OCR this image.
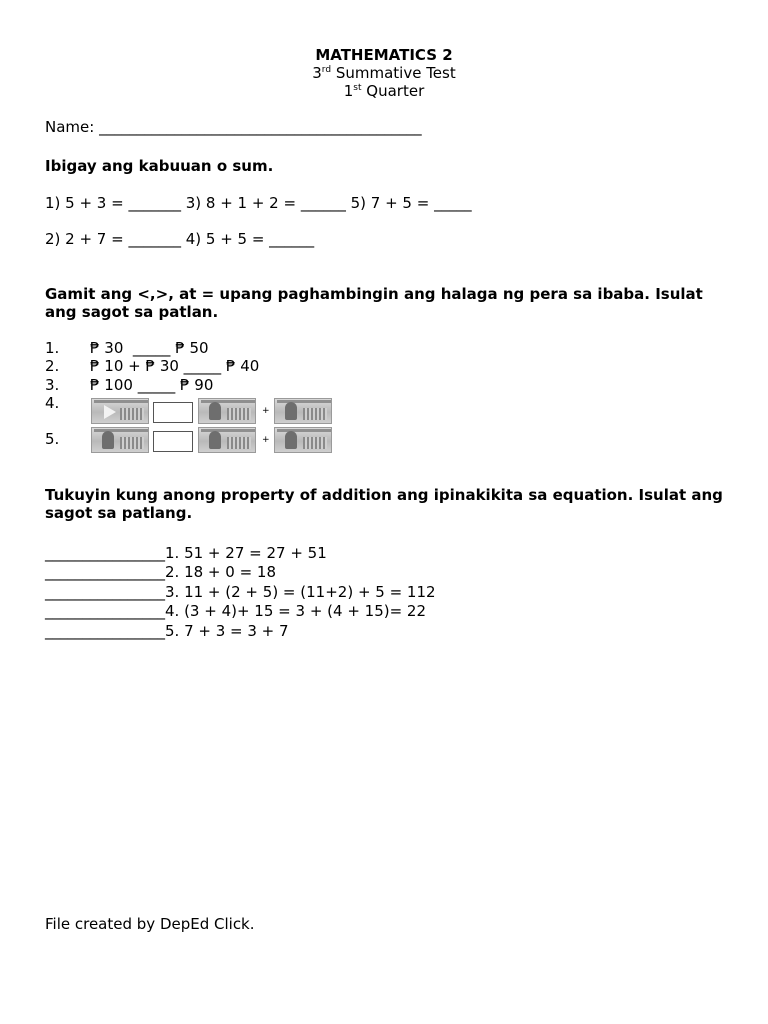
MATHEMATICS 2
3rd Summative Test
1st Quarter
Name: ___________________________________________
Ibigay ang kabuuan o sum.
1) 5 + 3 = _______ 3) 8 + 1 + 2 = ______ 5) 7 + 5 = _____
2) 2 + 7 = _______ 4) 5 + 5 = ______
Gamit ang <,>, at = upang paghambingin ang halaga ng pera sa ibaba. Isulat ang sagot sa patlan.
1.	₱ 30  _____ ₱ 50
2.	₱ 10 + ₱ 30 _____ ₱ 40
3.	₱ 100 _____ ₱ 90
4.
5.
+
+
Tukuyin kung anong property of addition ang ipinakikita sa equation. Isulat ang sagot sa patlang.
________________1. 51 + 27 = 27 + 51
________________2. 18 + 0 = 18
________________3. 11 + (2 + 5) = (11+2) + 5 = 112
________________4. (3 + 4)+ 15 = 3 + (4 + 15)= 22
________________5. 7 + 3 = 3 + 7
File created by DepEd Click.
